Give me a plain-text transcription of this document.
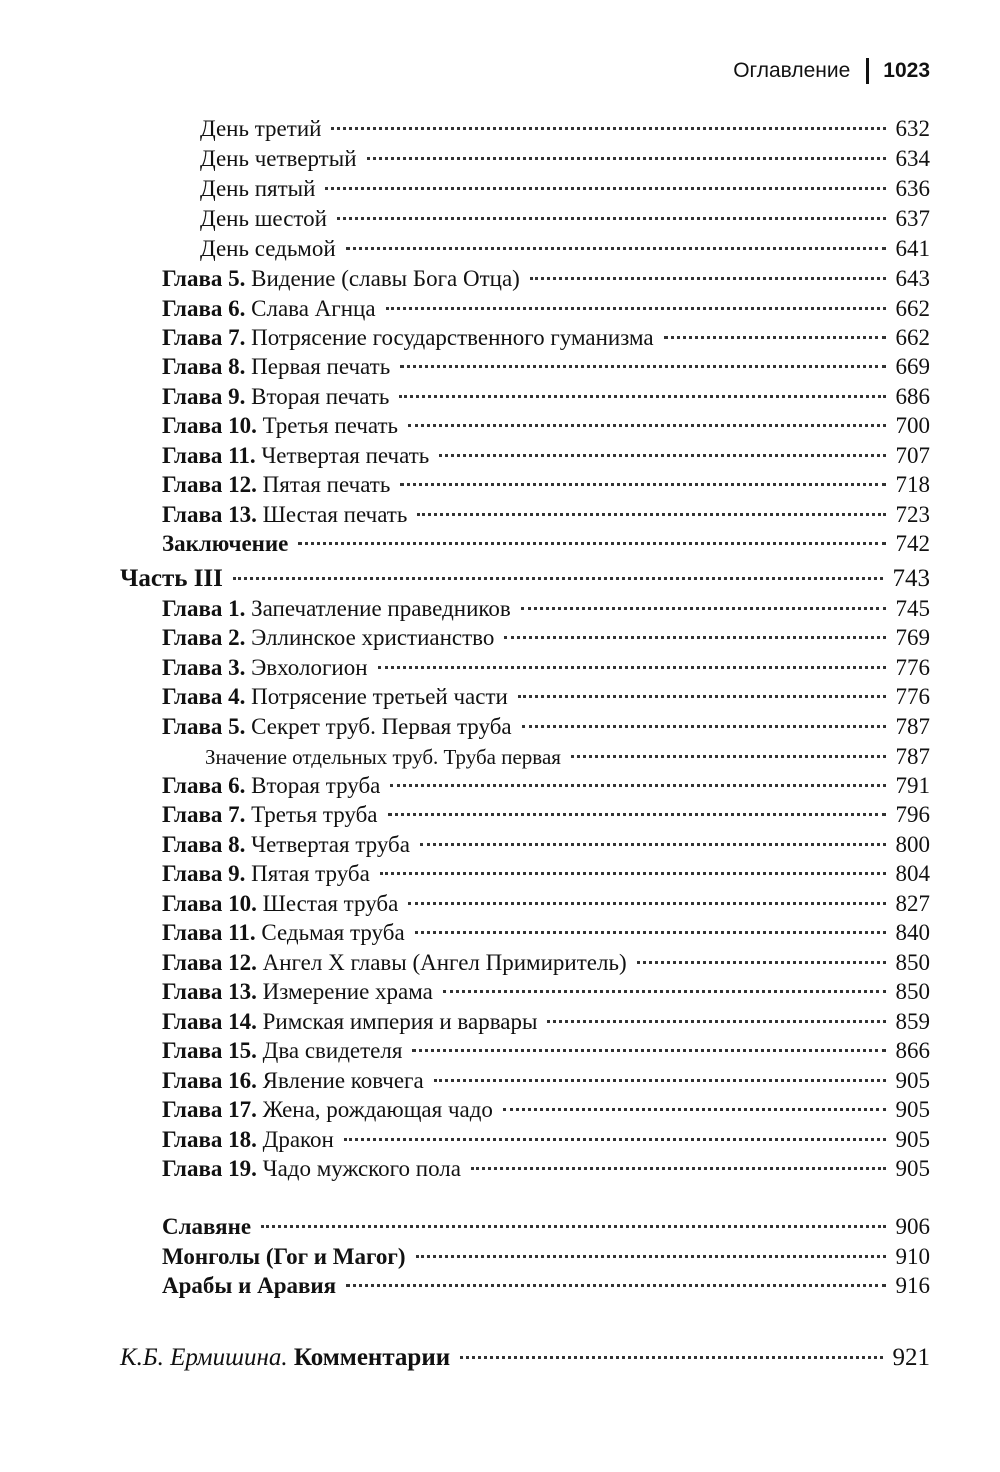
Оглавление 1023
День третий	632
День четвертый	634
День пятый	636
День шестой	637
День седьмой	641
Глава 5. Видение (славы Бога Отца)	643
Глава 6. Слава Агнца	662
Глава 7. Потрясение государственного гуманизма	662
Глава 8. Первая печать	669
Глава 9. Вторая печать	686
Глава 10. Третья печать	700
Глава 11. Четвертая печать	707
Глава 12. Пятая печать	718
Глава 13. Шестая печать	723
Заключение	742
Часть III	743
Глава 1. Запечатление праведников	745
Глава 2. Эллинское христианство	769
Глава 3. Эвхологион	776
Глава 4. Потрясение третьей части	776
Глава 5. Секрет труб. Первая труба	787
Значение отдельных труб. Труба первая	787
Глава 6. Вторая труба	791
Глава 7. Третья труба	796
Глава 8. Четвертая труба	800
Глава 9. Пятая труба	804
Глава 10. Шестая труба	827
Глава 11. Седьмая труба	840
Глава 12. Ангел X главы (Ангел Примиритель)	850
Глава 13. Измерение храма	850
Глава 14. Римская империя и варвары	859
Глава 15. Два свидетеля	866
Глава 16. Явление ковчега	905
Глава 17. Жена, рождающая чадо	905
Глава 18. Дракон	905
Глава 19. Чадо мужского пола	905
Славяне	906
Монголы (Гог и Магог)	910
Арабы и Аравия	916
К.Б. Ермишина. Комментарии	921
